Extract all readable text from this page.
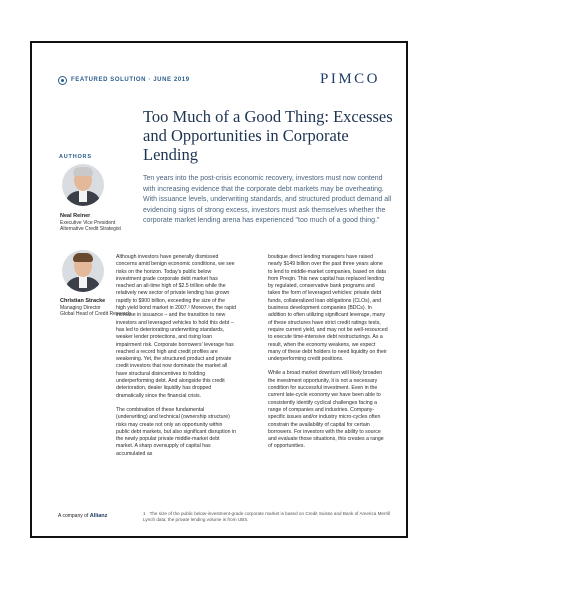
FEATURED SOLUTION · JUNE 2019	PIMCO
Too Much of a Good Thing: Excesses and Opportunities in Corporate Lending
AUTHORS
Neal Reiner
Executive Vice President
Alternative Credit Strategist
Christian Stracke
Managing Director
Global Head of Credit Research

Ten years into the post-crisis economic recovery, investors must now contend with increasing evidence that the corporate debt markets may be overheating. With issuance levels, underwriting standards, and structured product demand all evidencing signs of strong excess, investors must ask themselves whether the corporate market lending arena has experienced "too much of a good thing."

Although investors have generally dismissed concerns amid benign economic conditions, we see risks on the horizon. Today's public below investment grade corporate debt market has reached an all-time high of $2.5 trillion while the relatively new sector of private lending has grown rapidly to $900 billion, exceeding the size of the high yield bond market in 2007.¹ Moreover, the rapid increase in issuance – and the transition to new investors and leveraged vehicles to hold this debt – has led to deteriorating underwriting standards, weaker lender protections, and rising loan impairment risk. Corporate borrowers' leverage has reached a record high and credit profiles are weakening. Yet, the structured product and private credit investors that now dominate the market all have structural disincentives to holding underperforming debt. And alongside this credit deterioration, dealer liquidity has dropped dramatically since the financial crisis.

The combination of these fundamental (underwriting) and technical (ownership structure) risks may create not only an opportunity within public debt markets, but also significant disruption in the newly popular private middle-market debt market. A sharp oversupply of capital has accumulated as

boutique direct lending managers have raised nearly $149 billion over the past three years alone to lend to middle-market companies, based on data from Preqin. This new capital has replaced lending by regulated, conservative bank programs and takes the form of leveraged vehicles: private debt funds, collateralized loan obligations (CLOs), and business development companies (BDCs). In addition to often utilizing significant leverage, many of these structures have strict credit ratings tests, require current yield, and may not be well-resourced to execute time-intensive debt restructurings. As a result, when the economy weakens, we expect many of these debt holders to need liquidity on their underperforming credit positions.

While a broad market downturn will likely broaden the investment opportunity, it is not a necessary condition for successful investment. Even in the current late-cycle economy we have been able to consistently identify cyclical challenges facing a range of companies and industries. Company-specific issues and/or industry micro-cycles often constrain the availability of capital for certain borrowers. For investors with the ability to source and evaluate those situations, this creates a range of opportunities.

A company of Allianz	1 The size of the public below-investment-grade corporate market is based on Credit Suisse and Bank of America Merrill Lynch data; the private lending volume is from UBS.
